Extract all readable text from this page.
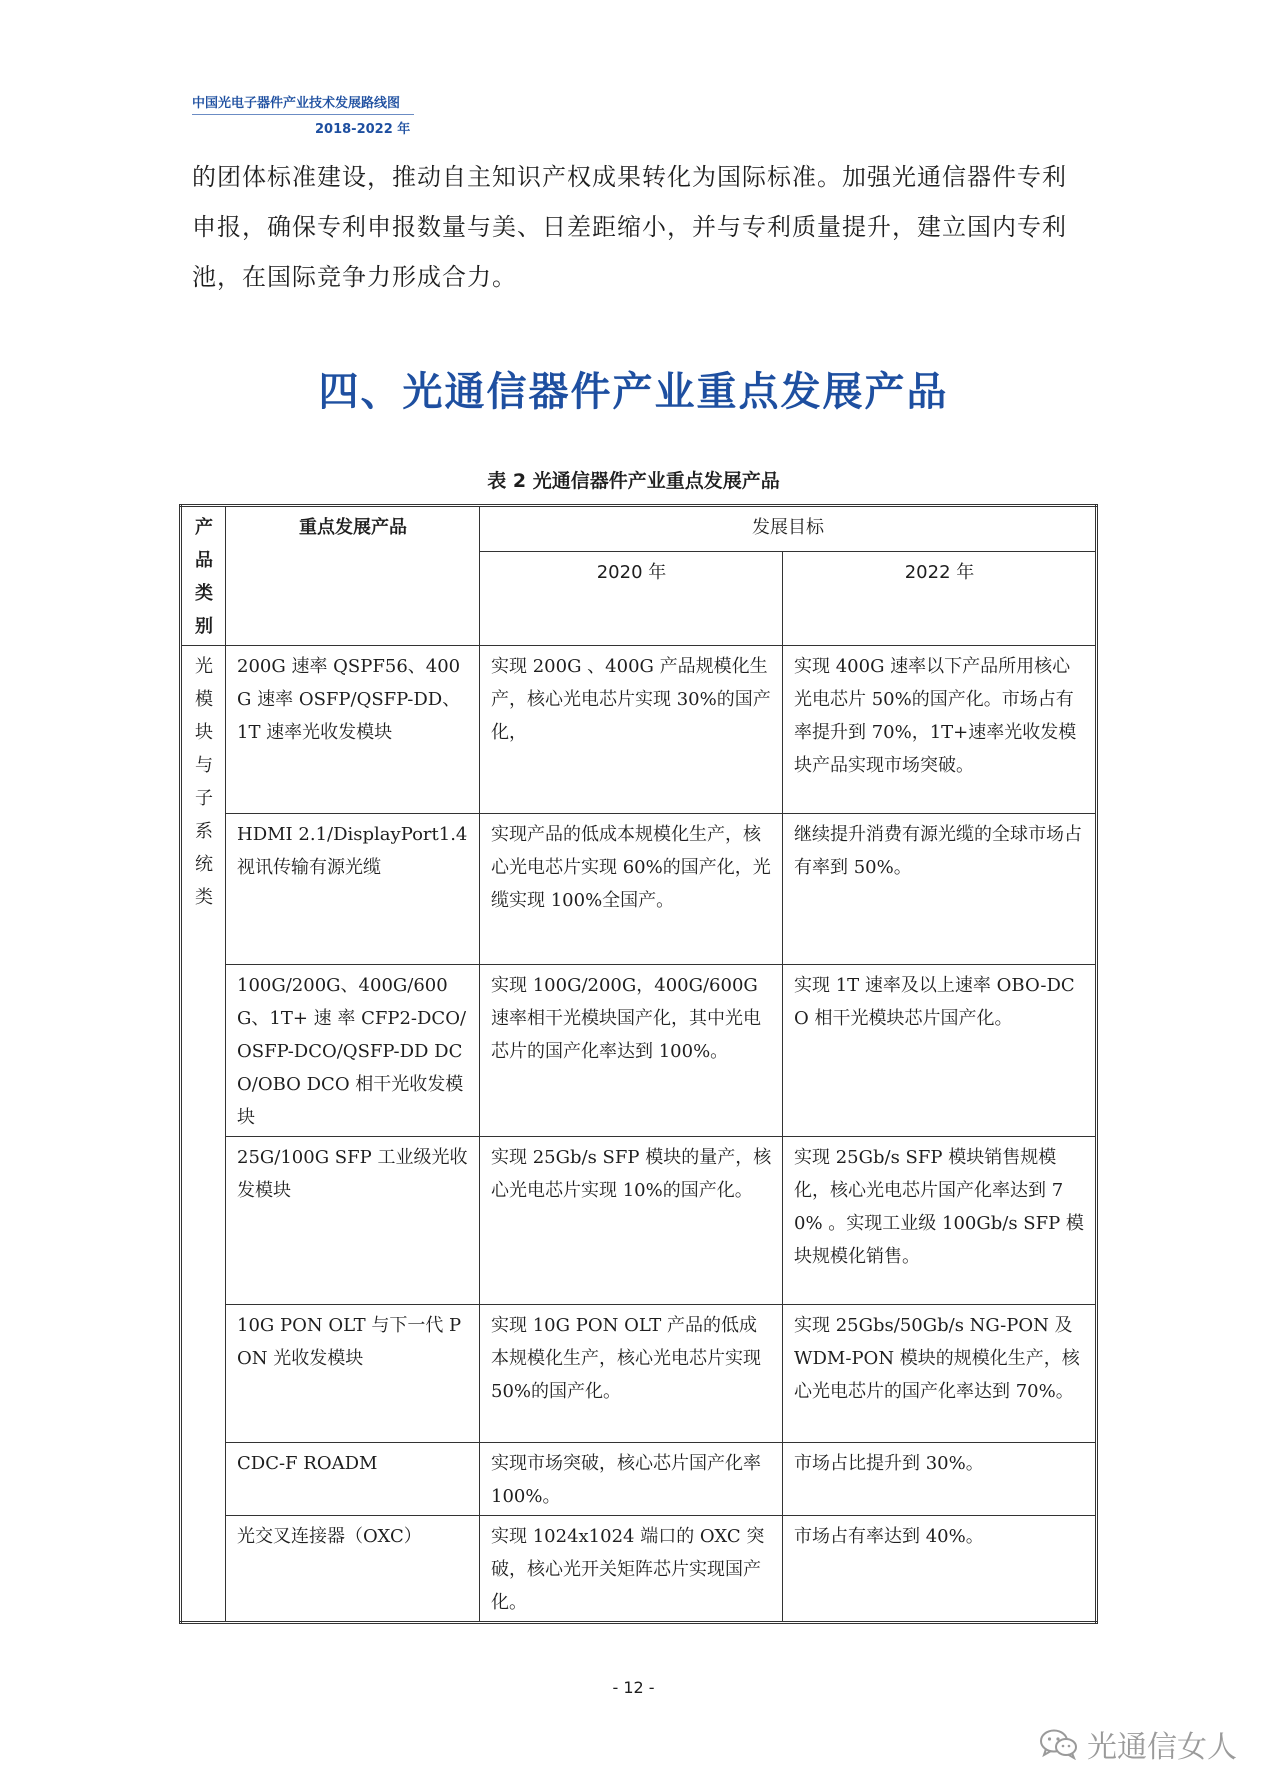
中国光电子器件产业技术发展路线图
2018-2022 年
的团体标准建设，推动自主知识产权成果转化为国际标准。加强光通信器件专利
申报，确保专利申报数量与美、日差距缩小，并与专利质量提升，建立国内专利
池，在国际竞争力形成合力。
四、光通信器件产业重点发展产品
表 2 光通信器件产业重点发展产品
产品类别	重点发展产品	发展目标	
		2020 年	2022 年
光模块与子系统类	200G 速率 QSPF56、400G 速率 OSFP/QSFP-DD、1T 速率光收发模块	实现 200G 、400G 产品规模化生产，核心光电芯片实现 30%的国产化，	实现 400G 速率以下产品所用核心光电芯片 50%的国产化。市场占有率提升到 70%，1T+速率光收发模块产品实现市场突破。
	HDMI 2.1/DisplayPort1.4 视讯传输有源光缆	实现产品的低成本规模化生产，核心光电芯片实现 60%的国产化，光缆实现 100%全国产。	继续提升消费有源光缆的全球市场占有率到 50%。
	100G/200G、400G/600G、1T+ 速 率 CFP2-DCO/OSFP-DCO/QSFP-DD DCO/OBO DCO 相干光收发模块	实现 100G/200G，400G/600G 速率相干光模块国产化，其中光电芯片的国产化率达到 100%。	实现 1T 速率及以上速率 OBO-DCO 相干光模块芯片国产化。
	25G/100G SFP 工业级光收发模块	实现 25Gb/s SFP 模块的量产，核心光电芯片实现 10%的国产化。	实现 25Gb/s SFP 模块销售规模化，核心光电芯片国产化率达到 70% 。实现工业级 100Gb/s SFP 模块规模化销售。
	10G PON OLT 与下一代 PON 光收发模块	实现 10G PON OLT 产品的低成本规模化生产，核心光电芯片实现 50%的国产化。	实现 25Gbs/50Gb/s NG-PON 及 WDM-PON 模块的规模化生产，核心光电芯片的国产化率达到 70%。
	CDC-F ROADM	实现市场突破，核心芯片国产化率 100%。	市场占比提升到 30%。
	光交叉连接器（OXC）	实现 1024x1024 端口的 OXC 突破，核心光开关矩阵芯片实现国产化。	市场占有率达到 40%。
- 12 -
光通信女人
